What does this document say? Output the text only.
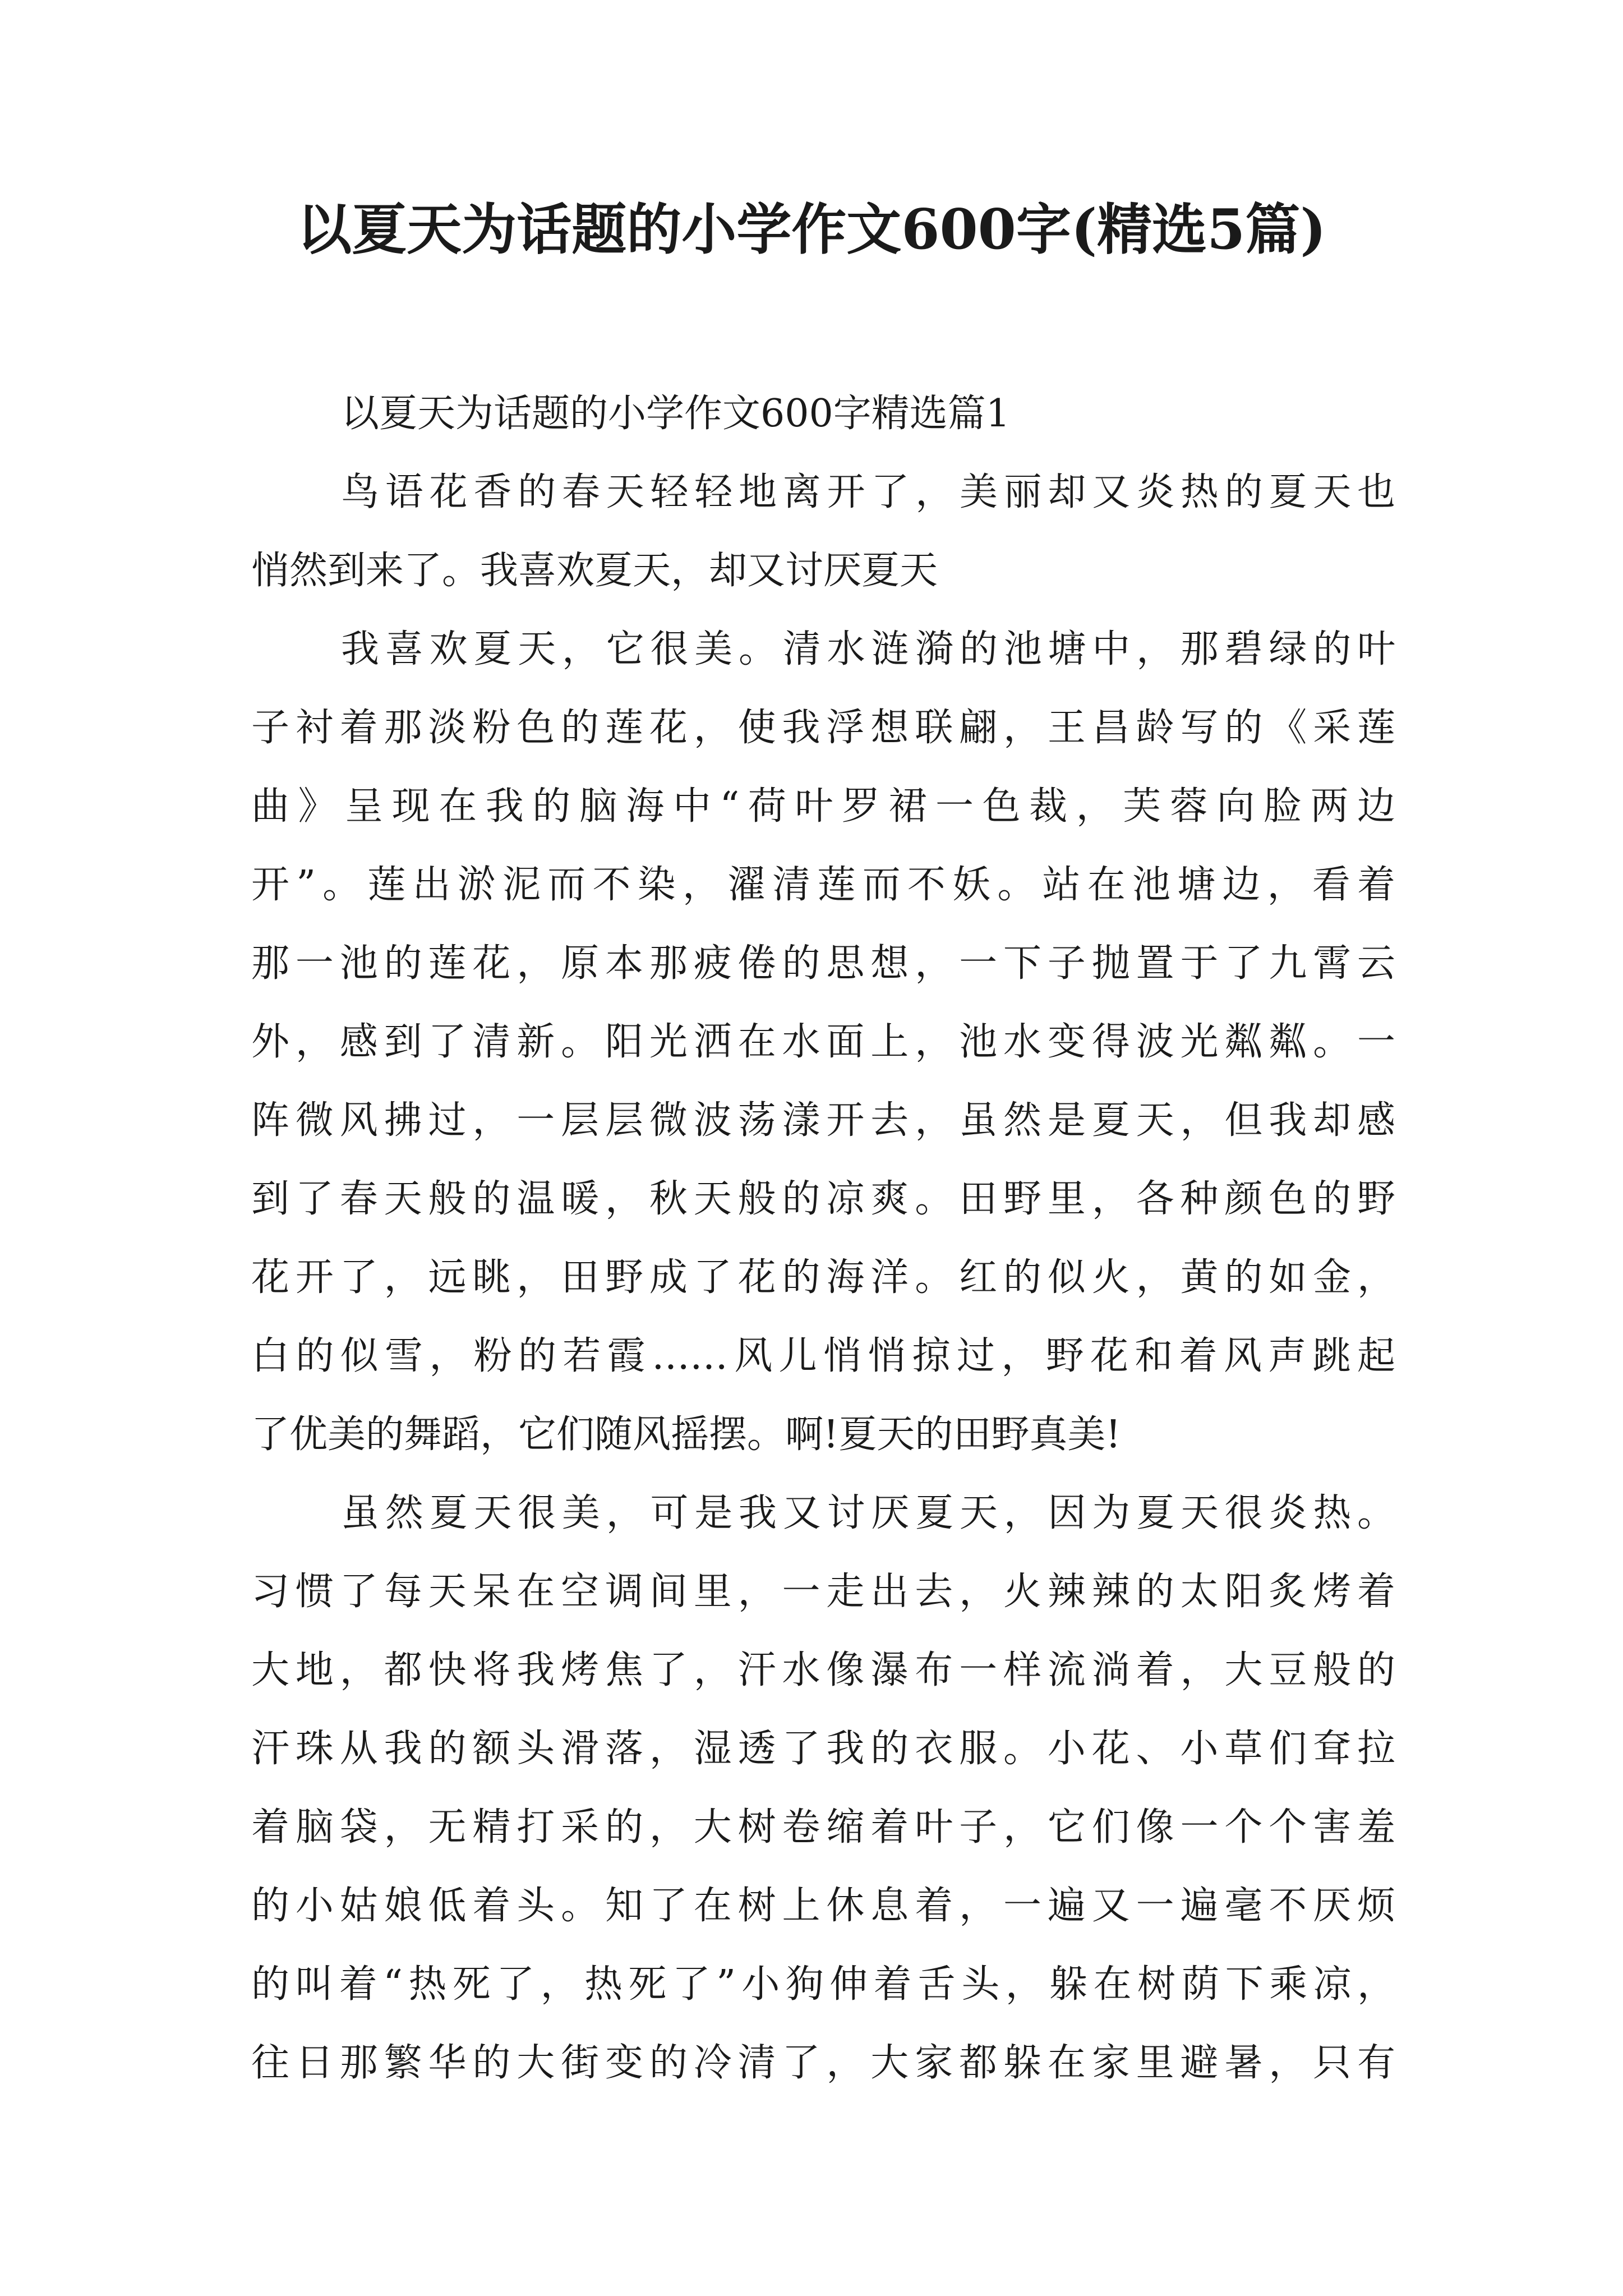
以夏天为话题的小学作文600字(精选5篇)

以夏天为话题的小学作文600字精选篇1

鸟语花香的春天轻轻地离开了，美丽却又炎热的夏天也
悄然到来了。我喜欢夏天，却又讨厌夏天

我喜欢夏天，它很美。清水涟漪的池塘中，那碧绿的叶
子衬着那淡粉色的莲花，使我浮想联翩，王昌龄写的《采莲
曲》呈现在我的脑海中“荷叶罗裙一色裁，芙蓉向脸两边
开”。莲出淤泥而不染，濯清莲而不妖。站在池塘边，看着
那一池的莲花，原本那疲倦的思想，一下子抛置于了九霄云
外，感到了清新。阳光洒在水面上，池水变得波光粼粼。一
阵微风拂过，一层层微波荡漾开去，虽然是夏天，但我却感
到了春天般的温暖，秋天般的凉爽。田野里，各种颜色的野
花开了，远眺，田野成了花的海洋。红的似火，黄的如金，
白的似雪，粉的若霞……风儿悄悄掠过，野花和着风声跳起
了优美的舞蹈，它们随风摇摆。啊!夏天的田野真美!

虽然夏天很美，可是我又讨厌夏天，因为夏天很炎热。
习惯了每天呆在空调间里，一走出去，火辣辣的太阳炙烤着
大地，都快将我烤焦了，汗水像瀑布一样流淌着，大豆般的
汗珠从我的额头滑落，湿透了我的衣服。小花、小草们耷拉
着脑袋，无精打采的，大树卷缩着叶子，它们像一个个害羞
的小姑娘低着头。知了在树上休息着，一遍又一遍毫不厌烦
的叫着“热死了，热死了”小狗伸着舌头，躲在树荫下乘凉，
往日那繁华的大街变的冷清了，大家都躲在家里避暑，只有
